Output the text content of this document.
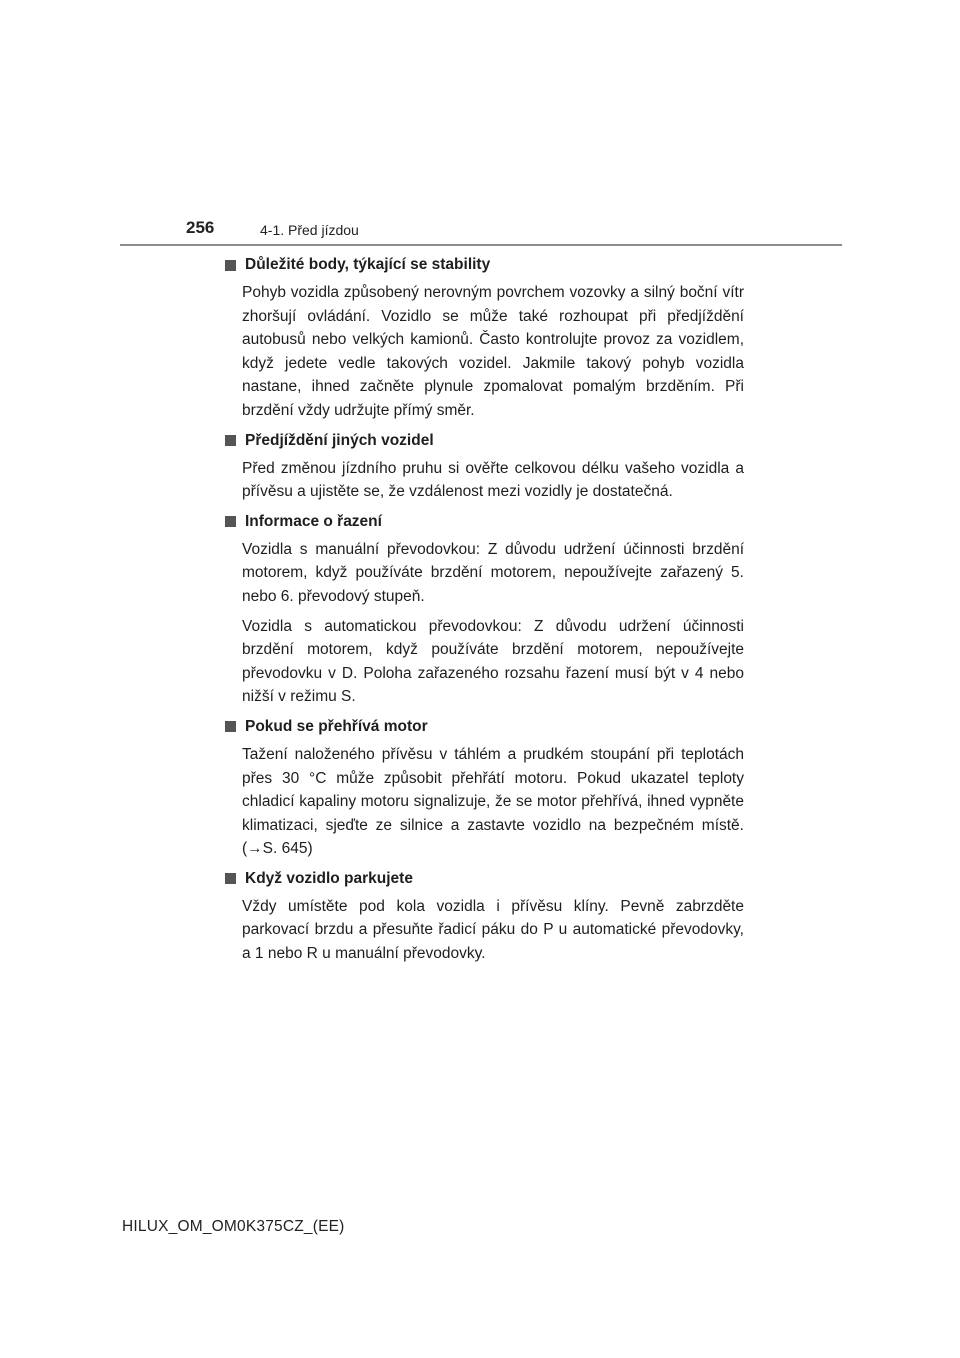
256	4-1. Před jízdou
Důležité body, týkající se stability

Pohyb vozidla způsobený nerovným povrchem vozovky a silný boční vítr zhoršují ovládání. Vozidlo se může také rozhoupat při předjíždění autobusů nebo velkých kamionů. Často kontrolujte provoz za vozidlem, když jedete vedle takových vozidel. Jakmile takový pohyb vozidla nastane, ihned začněte plynule zpomalovat pomalým brzděním. Při brzdění vždy udržujte přímý směr.

Předjíždění jiných vozidel

Před změnou jízdního pruhu si ověřte celkovou délku vašeho vozidla a přívěsu a ujistěte se, že vzdálenost mezi vozidly je dostatečná.

Informace o řazení

Vozidla s manuální převodovkou: Z důvodu udržení účinnosti brzdění motorem, když používáte brzdění motorem, nepoužívejte zařazený 5. nebo 6. převodový stupeň.

Vozidla s automatickou převodovkou: Z důvodu udržení účinnosti brzdění motorem, když používáte brzdění motorem, nepoužívejte převodovku v D. Poloha zařazeného rozsahu řazení musí být v 4 nebo nižší v režimu S.

Pokud se přehřívá motor

Tažení naloženého přívěsu v táhlém a prudkém stoupání při teplotách přes 30 °C může způsobit přehřátí motoru. Pokud ukazatel teploty chladicí kapaliny motoru signalizuje, že se motor přehřívá, ihned vypněte klimatizaci, sjeďte ze silnice a zastavte vozidlo na bezpečném místě. (→S. 645)

Když vozidlo parkujete

Vždy umístěte pod kola vozidla i přívěsu klíny. Pevně zabrzděte parkovací brzdu a přesuňte řadicí páku do P u automatické převodovky, a 1 nebo R u manuální převodovky.

HILUX_OM_OM0K375CZ_(EE)
